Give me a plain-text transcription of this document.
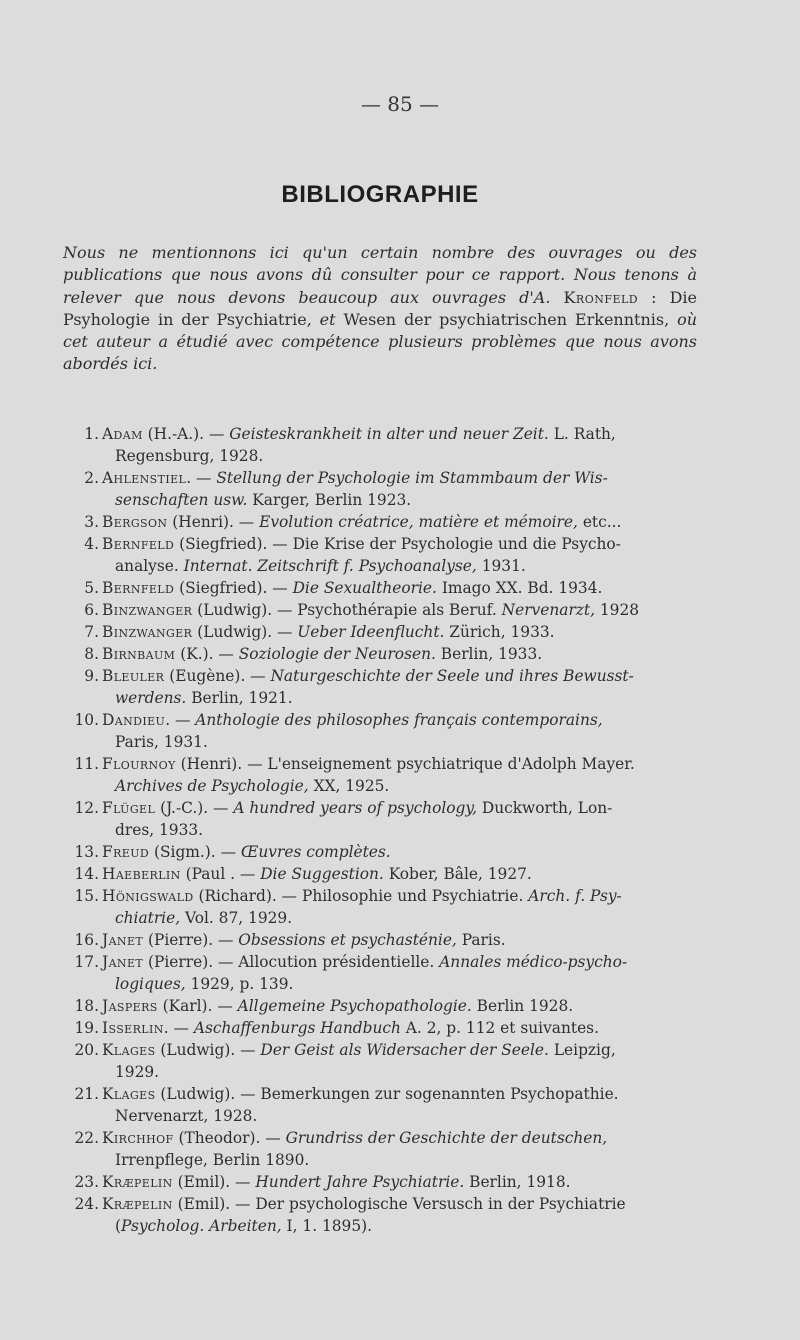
— 85 —
BIBLIOGRAPHIE

Nous ne mentionnons ici qu'un certain nombre des ouvrages ou des publications que nous avons dû consulter pour ce rapport. Nous tenons à relever que nous devons beaucoup aux ouvrages d'A. Kronfeld : Die Psyhologie in der Psychiatrie, et Wesen der psychiatrischen Erkenntnis, où cet auteur a étudié avec compétence plusieurs problèmes que nous avons abordés ici.

1 . Adam (H.-A.). — Geisteskrankheit in alter und neuer Zeit. L. Rath,
Regensburg, 1928.
2 . Ahlenstiel. — Stellung der Psychologie im Stammbaum der Wis-
senschaften usw. Karger, Berlin 1923.
3 . Bergson (Henri). — Evolution créatrice, matière et mémoire, etc...
4 . Bernfeld (Siegfried). — Die Krise der Psychologie und die Psycho-
analyse. Internat. Zeitschrift f. Psychoanalyse, 1931.
5 . Bernfeld (Siegfried). — Die Sexualtheorie. Imago XX. Bd. 1934.
6 . Binzwanger (Ludwig). — Psychothérapie als Beruf. Nervenarzt, 1928
7 . Binzwanger (Ludwig). — Ueber Ideenflucht. Zürich, 1933.
8 . Birnbaum (K.). — Soziologie der Neurosen. Berlin, 1933.
9 . Bleuler (Eugène). — Naturgeschichte der Seele und ihres Bewusst-
werdens. Berlin, 1921.
10 . Dandieu. — Anthologie des philosophes français contemporains,
Paris, 1931.
11 . Flournoy (Henri). — L'enseignement psychiatrique d'Adolph Mayer.
Archives de Psychologie, XX, 1925.
12 . Flügel (J.-C.). — A hundred years of psychology, Duckworth, Lon-
dres, 1933.
13 . Freud (Sigm.). — Œuvres complètes.
14 . Haeberlin (Paul . — Die Suggestion. Kober, Bâle, 1927.
15 . Hönigswald (Richard). — Philosophie und Psychiatrie. Arch. f. Psy-
chiatrie, Vol. 87, 1929.
16 . Janet (Pierre). — Obsessions et psychasténie, Paris.
17 . Janet (Pierre). — Allocution présidentielle. Annales médico-psycho-
logiques, 1929, p. 139.
18 . Jaspers (Karl). — Allgemeine Psychopathologie. Berlin 1928.
19 . Isserlin. — Aschaffenburgs Handbuch A. 2, p. 112 et suivantes.
20 . Klages (Ludwig). — Der Geist als Widersacher der Seele. Leipzig,
1929.
21 . Klages (Ludwig). — Bemerkungen zur sogenannten Psychopathie.
Nervenarzt, 1928.
22 . Kirchhof (Theodor). — Grundriss der Geschichte der deutschen,
Irrenpflege, Berlin 1890.
23 . Kræpelin (Emil). — Hundert Jahre Psychiatrie. Berlin, 1918.
24 . Kræpelin (Emil). — Der psychologische Versusch in der Psychiatrie
(Psycholog. Arbeiten, I, 1. 1895).
